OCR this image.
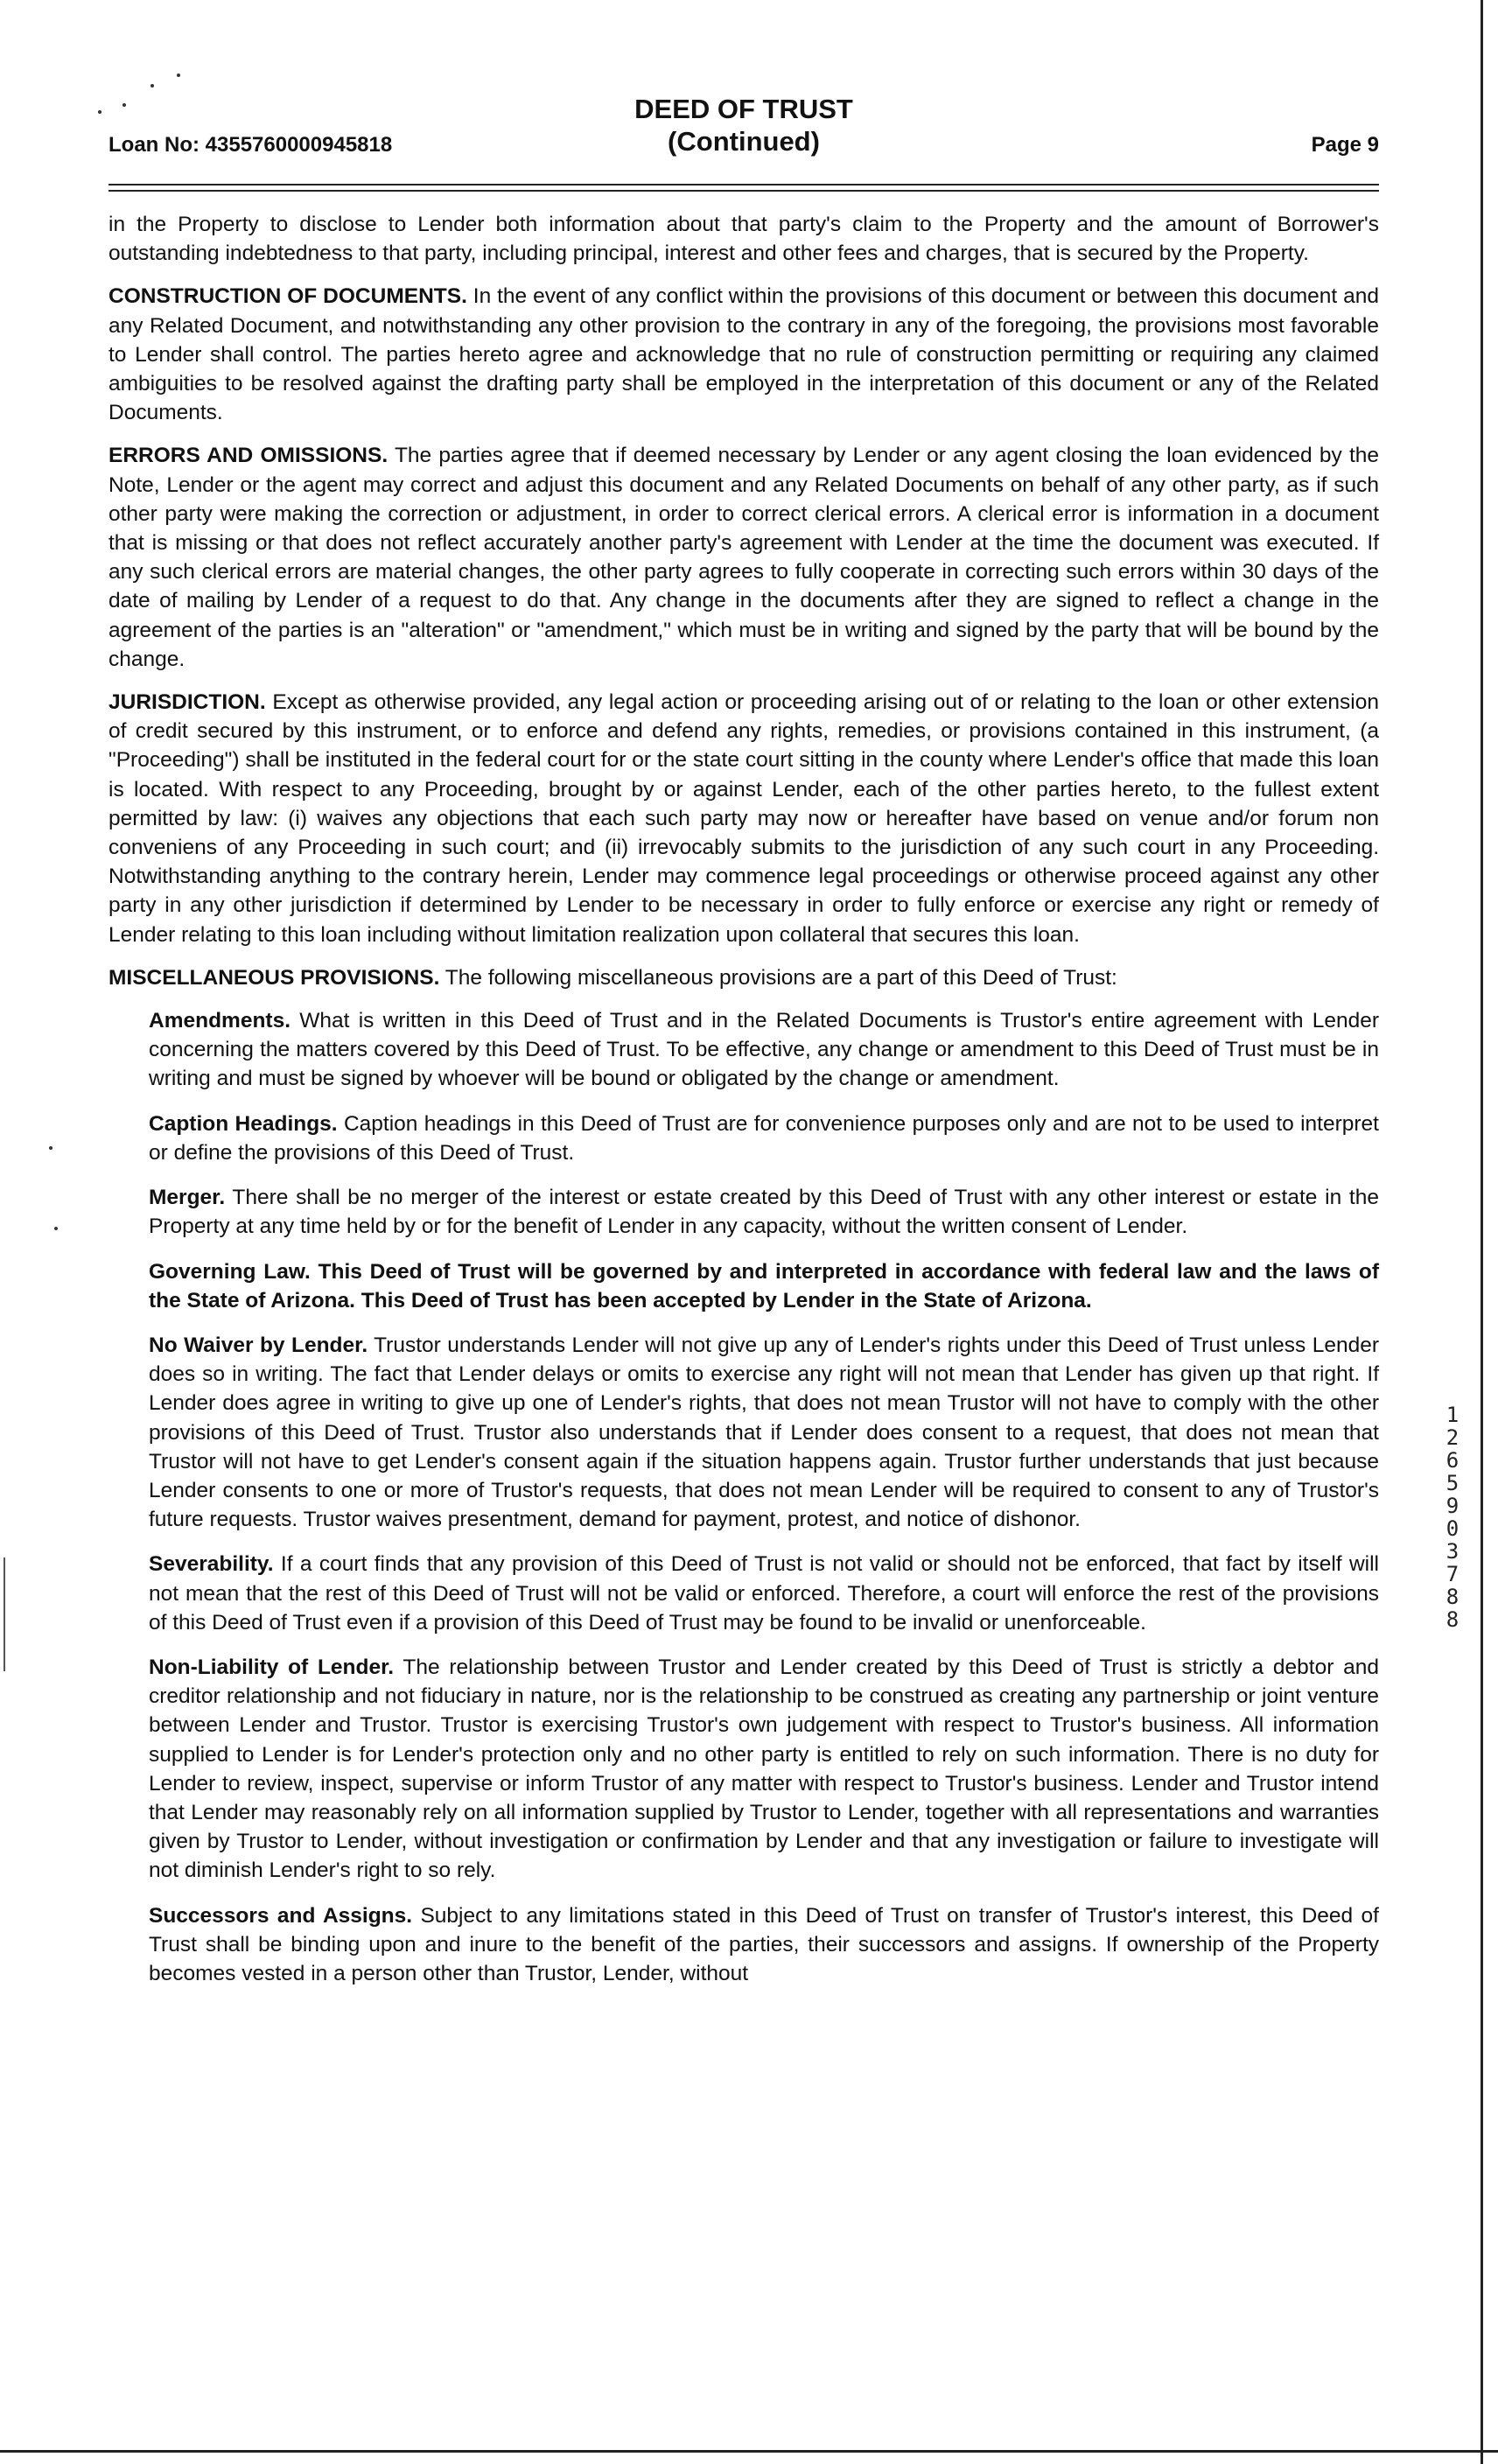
Loan No: 4355760000945818
DEED OF TRUST
(Continued)	Page 9

in the Property to disclose to Lender both information about that party's claim to the Property and the amount of Borrower's outstanding indebtedness to that party, including principal, interest and other fees and charges, that is secured by the Property.

CONSTRUCTION OF DOCUMENTS. In the event of any conflict within the provisions of this document or between this document and any Related Document, and notwithstanding any other provision to the contrary in any of the foregoing, the provisions most favorable to Lender shall control. The parties hereto agree and acknowledge that no rule of construction permitting or requiring any claimed ambiguities to be resolved against the drafting party shall be employed in the interpretation of this document or any of the Related Documents.

ERRORS AND OMISSIONS. The parties agree that if deemed necessary by Lender or any agent closing the loan evidenced by the Note, Lender or the agent may correct and adjust this document and any Related Documents on behalf of any other party, as if such other party were making the correction or adjustment, in order to correct clerical errors. A clerical error is information in a document that is missing or that does not reflect accurately another party's agreement with Lender at the time the document was executed. If any such clerical errors are material changes, the other party agrees to fully cooperate in correcting such errors within 30 days of the date of mailing by Lender of a request to do that. Any change in the documents after they are signed to reflect a change in the agreement of the parties is an "alteration" or "amendment," which must be in writing and signed by the party that will be bound by the change.

JURISDICTION. Except as otherwise provided, any legal action or proceeding arising out of or relating to the loan or other extension of credit secured by this instrument, or to enforce and defend any rights, remedies, or provisions contained in this instrument, (a "Proceeding") shall be instituted in the federal court for or the state court sitting in the county where Lender's office that made this loan is located. With respect to any Proceeding, brought by or against Lender, each of the other parties hereto, to the fullest extent permitted by law: (i) waives any objections that each such party may now or hereafter have based on venue and/or forum non conveniens of any Proceeding in such court; and (ii) irrevocably submits to the jurisdiction of any such court in any Proceeding. Notwithstanding anything to the contrary herein, Lender may commence legal proceedings or otherwise proceed against any other party in any other jurisdiction if determined by Lender to be necessary in order to fully enforce or exercise any right or remedy of Lender relating to this loan including without limitation realization upon collateral that secures this loan.

MISCELLANEOUS PROVISIONS. The following miscellaneous provisions are a part of this Deed of Trust:

Amendments. What is written in this Deed of Trust and in the Related Documents is Trustor's entire agreement with Lender concerning the matters covered by this Deed of Trust. To be effective, any change or amendment to this Deed of Trust must be in writing and must be signed by whoever will be bound or obligated by the change or amendment.

Caption Headings. Caption headings in this Deed of Trust are for convenience purposes only and are not to be used to interpret or define the provisions of this Deed of Trust.

Merger. There shall be no merger of the interest or estate created by this Deed of Trust with any other interest or estate in the Property at any time held by or for the benefit of Lender in any capacity, without the written consent of Lender.

Governing Law. This Deed of Trust will be governed by and interpreted in accordance with federal law and the laws of the State of Arizona. This Deed of Trust has been accepted by Lender in the State of Arizona.

No Waiver by Lender. Trustor understands Lender will not give up any of Lender's rights under this Deed of Trust unless Lender does so in writing. The fact that Lender delays or omits to exercise any right will not mean that Lender has given up that right. If Lender does agree in writing to give up one of Lender's rights, that does not mean Trustor will not have to comply with the other provisions of this Deed of Trust. Trustor also understands that if Lender does consent to a request, that does not mean that Trustor will not have to get Lender's consent again if the situation happens again. Trustor further understands that just because Lender consents to one or more of Trustor's requests, that does not mean Lender will be required to consent to any of Trustor's future requests. Trustor waives presentment, demand for payment, protest, and notice of dishonor.

Severability. If a court finds that any provision of this Deed of Trust is not valid or should not be enforced, that fact by itself will not mean that the rest of this Deed of Trust will not be valid or enforced. Therefore, a court will enforce the rest of the provisions of this Deed of Trust even if a provision of this Deed of Trust may be found to be invalid or unenforceable.

Non-Liability of Lender. The relationship between Trustor and Lender created by this Deed of Trust is strictly a debtor and creditor relationship and not fiduciary in nature, nor is the relationship to be construed as creating any partnership or joint venture between Lender and Trustor. Trustor is exercising Trustor's own judgement with respect to Trustor's business. All information supplied to Lender is for Lender's protection only and no other party is entitled to rely on such information. There is no duty for Lender to review, inspect, supervise or inform Trustor of any matter with respect to Trustor's business. Lender and Trustor intend that Lender may reasonably rely on all information supplied by Trustor to Lender, together with all representations and warranties given by Trustor to Lender, without investigation or confirmation by Lender and that any investigation or failure to investigate will not diminish Lender's right to so rely.

Successors and Assigns. Subject to any limitations stated in this Deed of Trust on transfer of Trustor's interest, this Deed of Trust shall be binding upon and inure to the benefit of the parties, their successors and assigns. If ownership of the Property becomes vested in a person other than Trustor, Lender, without

1
2
6
5
9
0
3
7
8
8
